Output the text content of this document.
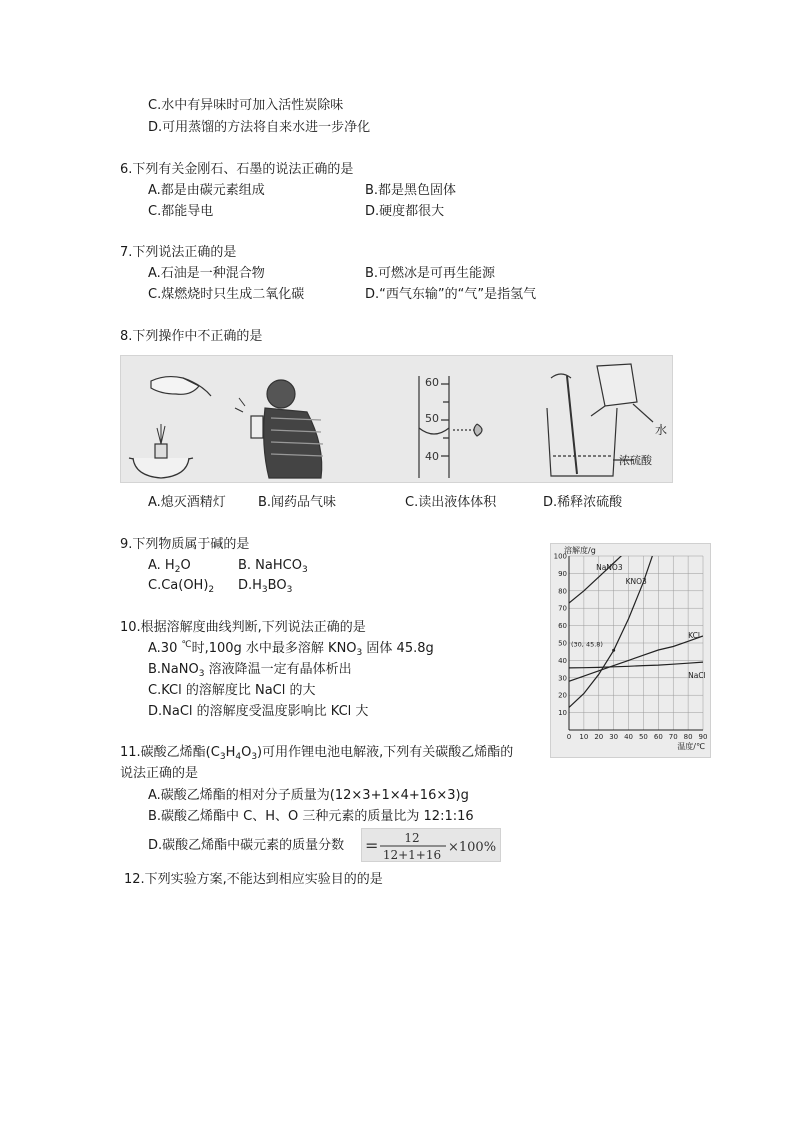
C.水中有异味时可加入活性炭除味
D.可用蒸馏的方法将自来水进一步净化
6.下列有关金刚石、石墨的说法正确的是
A.都是由碳元素组成	B.都是黑色固体
C.都能导电	D.硬度都很大
7.下列说法正确的是
A.石油是一种混合物	B.可燃冰是可再生能源
C.煤燃烧时只生成二氧化碳	D.“西气东输”的“气”是指氢气
8.下列操作中不正确的是
60
50
40
水
浓硫酸
A.熄灭酒精灯 B.闻药品气味	C.读出液体体积	D.稀释浓硫酸
9.下列物质属于碱的是
A. $H_2O$	B. NaHCO$_3$
$C.Ca(OH)_2$ $D.H_3BO_3$
10.根据溶解度曲线判断,下列说法正确的是
A.30 ℃时,100g 水中最多溶解 $KNO_3$ 固体 45.8g
B.NaNO$_3$ 溶液降温一定有晶体析出
C.KCl 的溶解度比 NaCl 的大
D.NaCl 的溶解度受温度影响比 KCl 大	10
20
30
40
50
60
70
80
90
100
0 10 20 30 40 50 60 70 80 90
溶解度/g
温度/℃
NaNO3
KNO3
KCl
NaCl
(30, 45.8)
11.碳酸乙烯酯$(C_3H_4O_3)$可用作锂电池电解液,下列有关碳酸乙烯酯的
说法正确的是
A.碳酸乙烯酯的相对分子质量为(12×3+1×4+16×3)g
B.碳酸乙烯酯中 C、H、O 三种元素的质量比为 12:1:16
D.碳酸乙烯酯中碳元素的质量分数 = 12
12+1+16 ×100%
12.下列实验方案,不能达到相应实验目的的是
